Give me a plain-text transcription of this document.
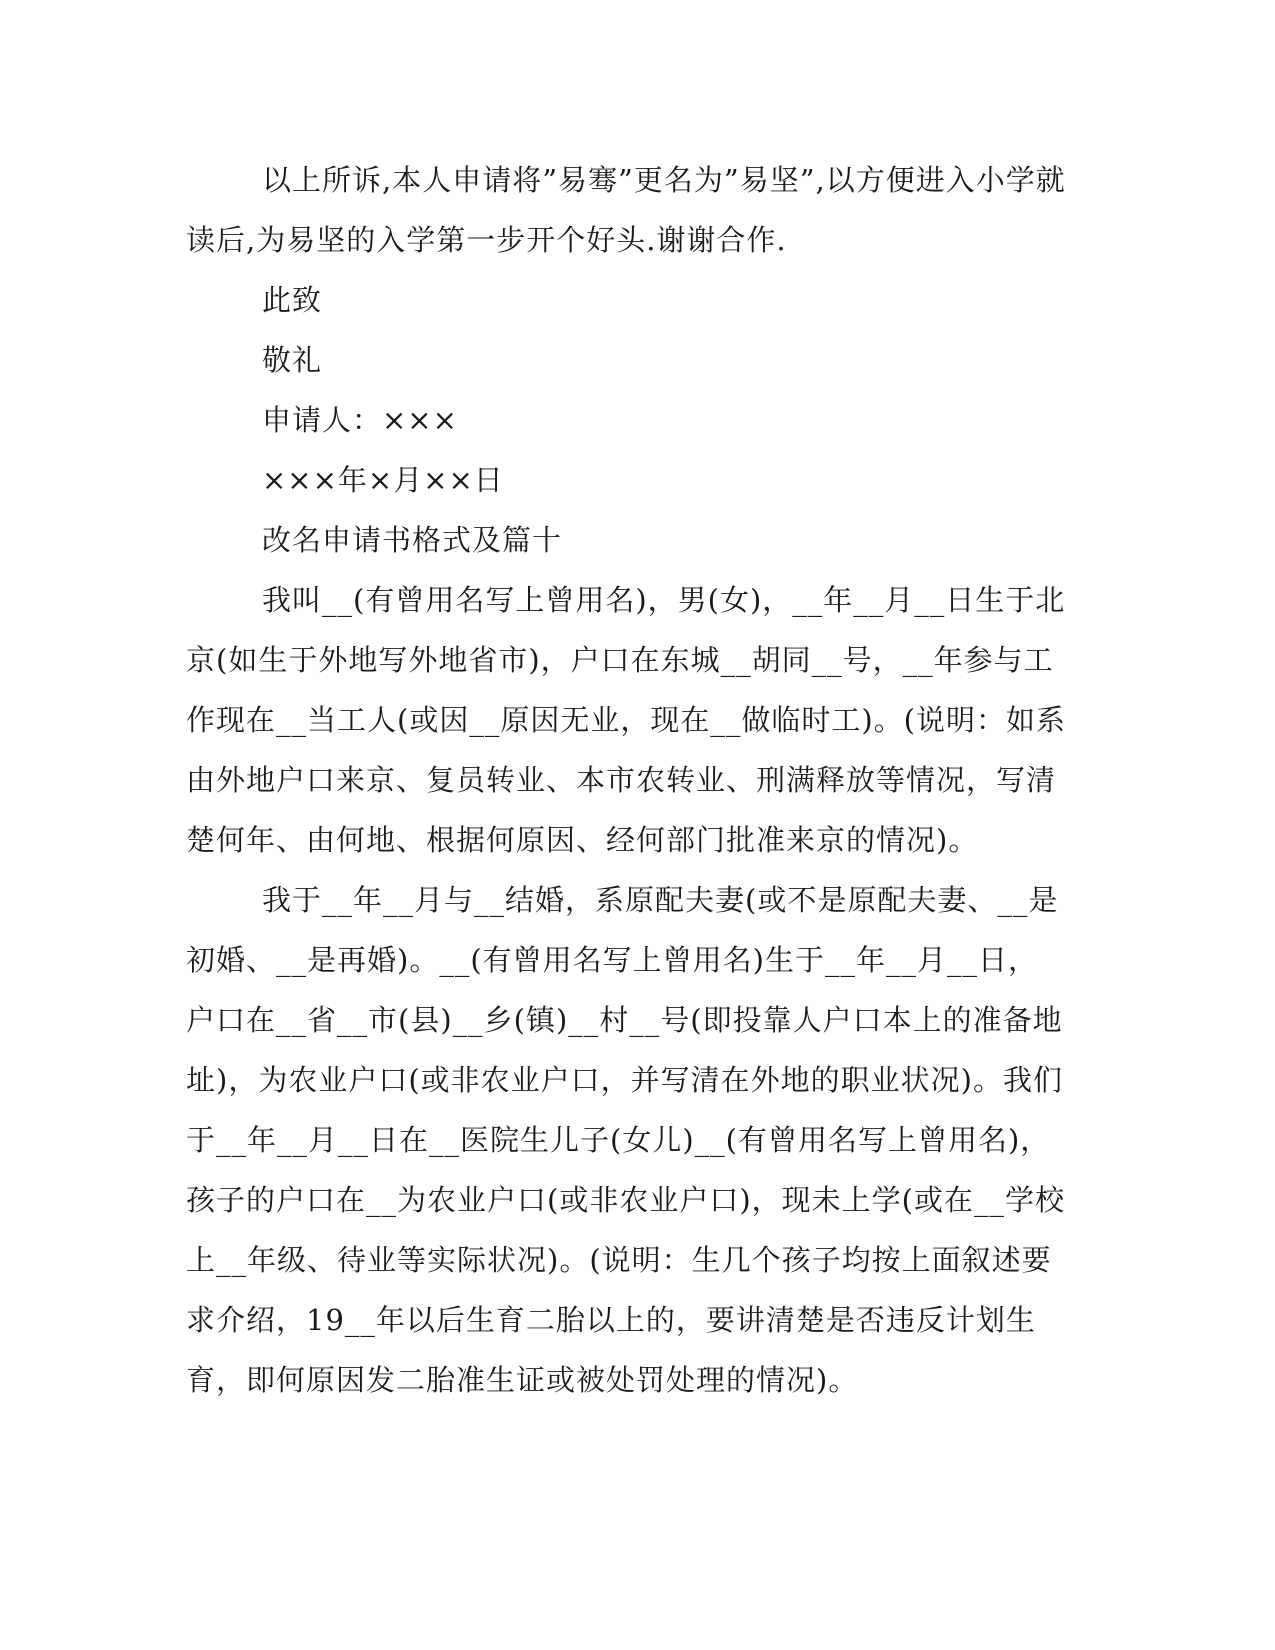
以上所诉,本人申请将”易骞”更名为”易坚”,以方便进入小学就读后,为易坚的入学第一步开个好头.谢谢合作.

此致

敬礼

申请人：×××

×××年×月××日

改名申请书格式及篇十

我叫__(有曾用名写上曾用名)，男(女)，__年__月__日生于北京(如生于外地写外地省市)，户口在东城__胡同__号，__年参与工作现在__当工人(或因__原因无业，现在__做临时工)。(说明：如系由外地户口来京、复员转业、本市农转业、刑满释放等情况，写清楚何年、由何地、根据何原因、经何部门批准来京的情况)。

我于__年__月与__结婚，系原配夫妻(或不是原配夫妻、__是初婚、__是再婚)。__(有曾用名写上曾用名)生于__年__月__日，户口在__省__市(县)__乡(镇)__村__号(即投靠人户口本上的准备地址)，为农业户口(或非农业户口，并写清在外地的职业状况)。我们于__年__月__日在__医院生儿子(女儿)__(有曾用名写上曾用名)，孩子的户口在__为农业户口(或非农业户口)，现未上学(或在__学校上__年级、待业等实际状况)。(说明：生几个孩子均按上面叙述要求介绍，19__年以后生育二胎以上的，要讲清楚是否违反计划生育，即何原因发二胎准生证或被处罚处理的情况)。
